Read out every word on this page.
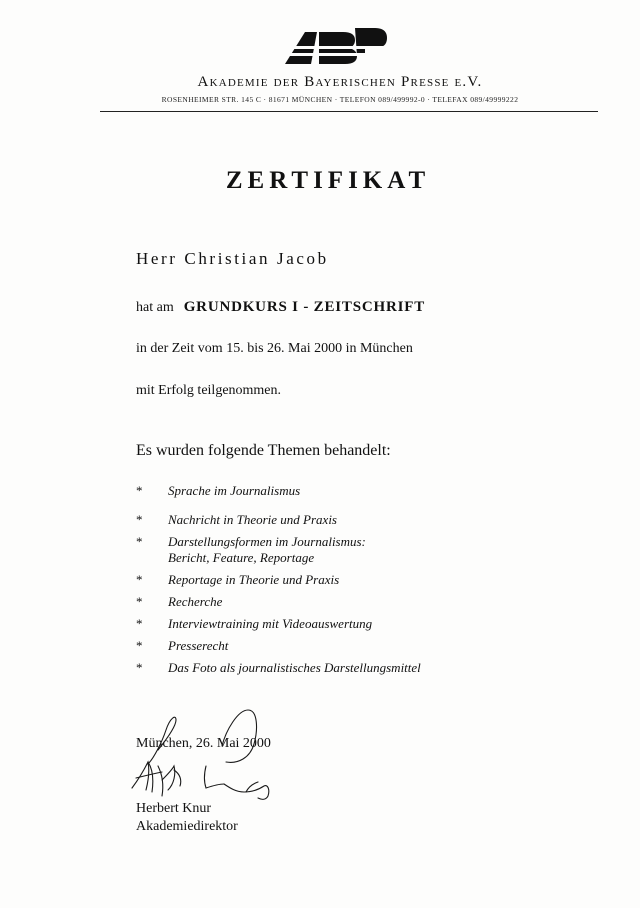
Akademie der Bayerischen Presse e.V.
ROSENHEIMER STR. 145 C · 81671 MÜNCHEN · TELEFON 089/499992-0 · TELEFAX 089/49999222
ZERTIFIKAT
Herr Christian Jacob
hat am GRUNDKURS I - ZEITSCHRIFT
in der Zeit vom 15. bis 26. Mai 2000 in München
mit Erfolg teilgenommen.
Es wurden folgende Themen behandelt:
* Sprache im Journalismus
* Nachricht in Theorie und Praxis
* Darstellungsformen im Journalismus:
Bericht, Feature, Reportage
* Reportage in Theorie und Praxis
* Recherche
* Interviewtraining mit Videoauswertung
* Presserecht
* Das Foto als journalistisches Darstellungsmittel
München, 26. Mai 2000
Herbert Knur
Akademiedirektor
